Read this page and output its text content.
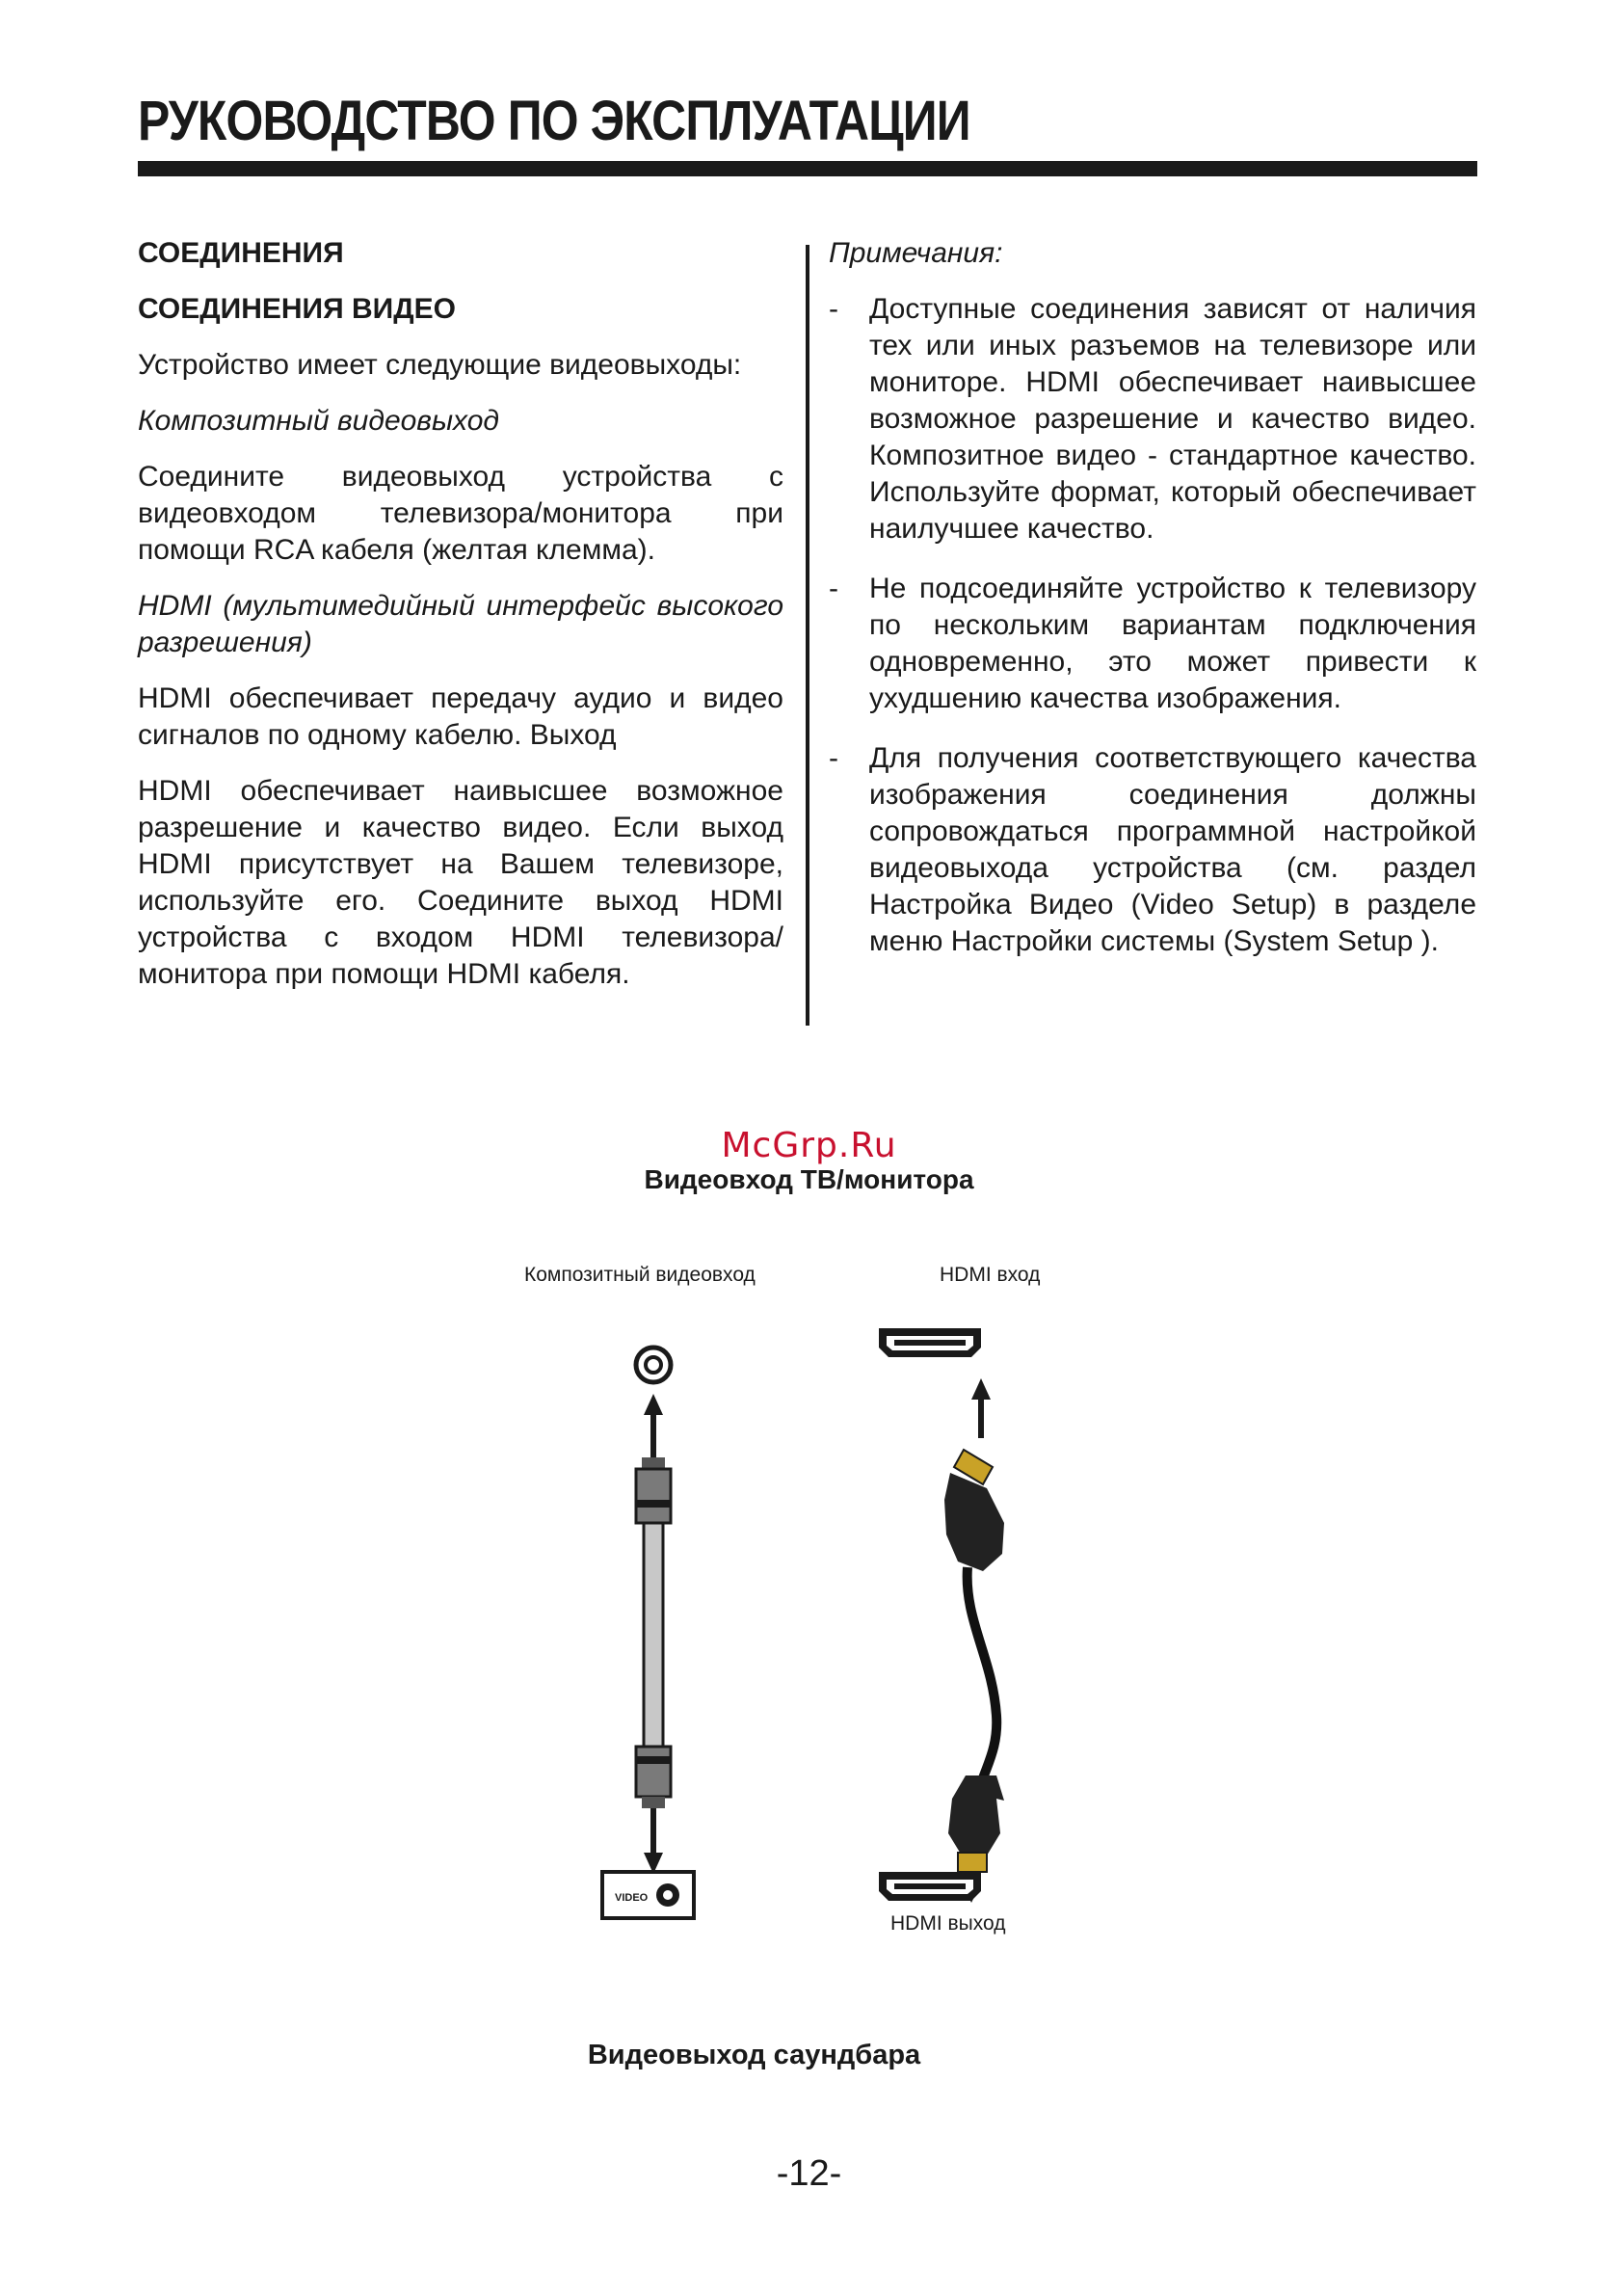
РУКОВОДСТВО ПО ЭКСПЛУАТАЦИИ
СОЕДИНЕНИЯ
СОЕДИНЕНИЯ ВИДЕО
Устройство имеет следующие видеовыходы:
Композитный видеовыход
Соедините видеовыход устройства с видеовходом телевизора/монитора при помощи RCA кабеля (желтая клемма).
HDMI (мультимедийный интерфейс высокого разрешения)
HDMI обеспечивает передачу аудио и видео сигналов по одному кабелю. Выход
HDMI обеспечивает наивысшее возможное разрешение и качество видео. Если выход HDMI присутствует на Вашем телевизоре, используйте его. Соедините выход HDMI устройства с входом HDMI телевизора/монитора при помощи HDMI кабеля.
Примечания:
- Доступные соединения зависят от наличия тех или иных разъемов на телевизоре или мониторе. HDMI обеспечивает наивысшее возможное разрешение и качество видео. Композитное видео - стандартное качество. Используйте формат, который обеспечивает наилучшее качество.
- Не подсоединяйте устройство к телевизору по нескольким вариантам подключения одновременно, это может привести к ухудшению качества изображения.
- Для получения соответствующего качества изображения соединения должны сопровождаться программной настройкой видеовыхода устройства (см. раздел Настройка Видео (Video Setup) в разделе меню Настройки системы (System Setup ).
McGrp.Ru
Видеовход ТВ/монитора
Композитный видеовход	HDMI вход
HDMI выход
VIDEO
Видеовыход саундбара
-12-
